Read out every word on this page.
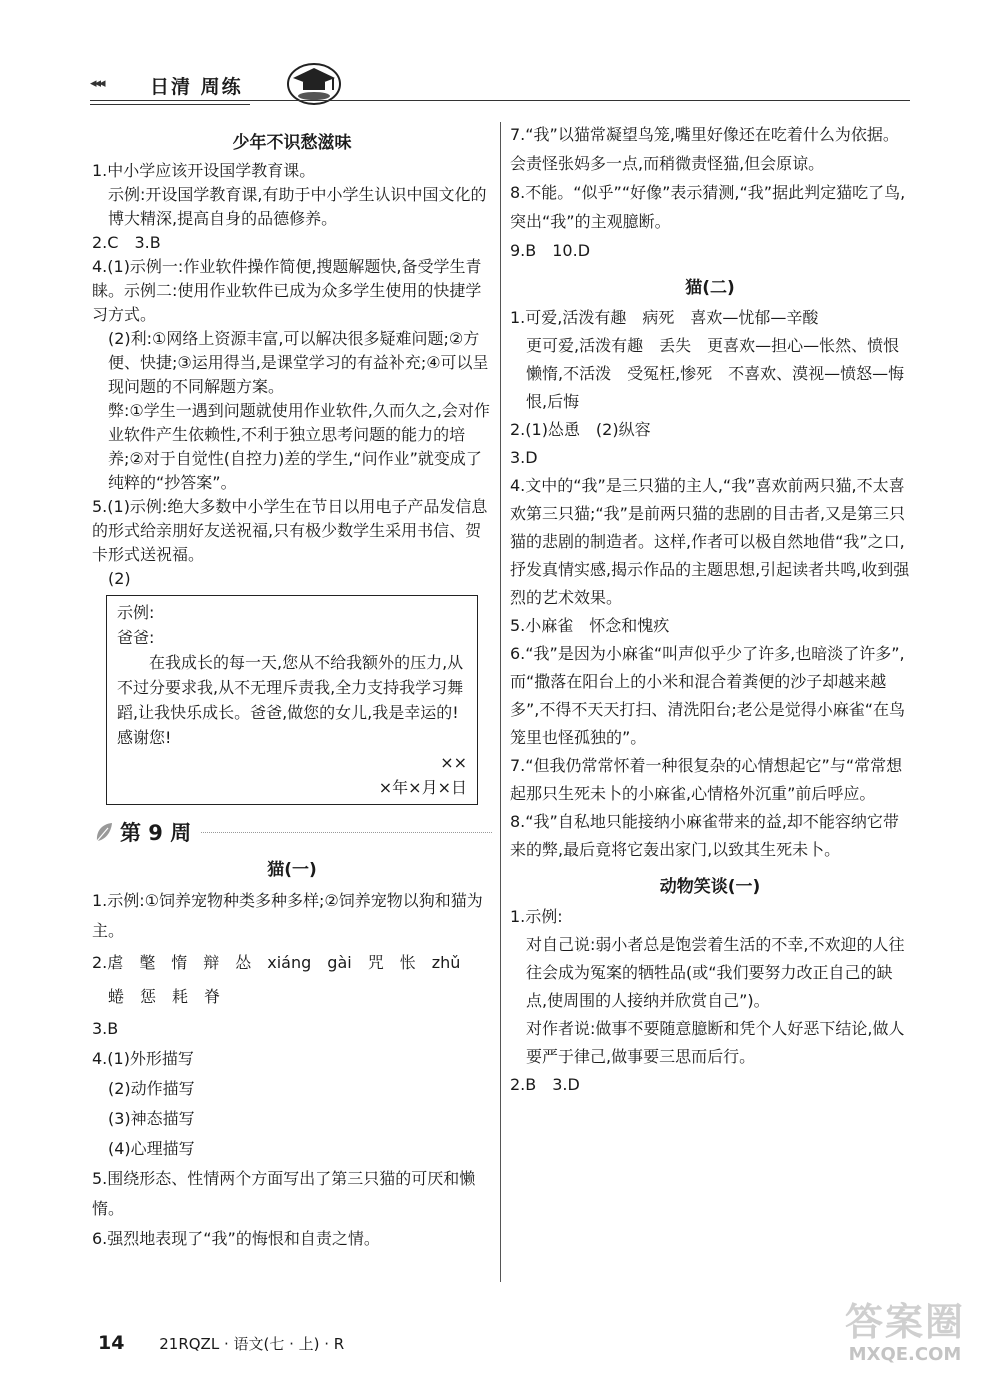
◂◂◂ 日清 周练
少年不识愁滋味

1.中小学应该开设国学教育课。

示例:开设国学教育课,有助于中小学生认识中国文化的博大精深,提高自身的品德修养。

2.C　3.B

4.(1)示例一:作业软件操作简便,搜题解题快,备受学生青睐。示例二:使用作业软件已成为众多学生使用的快捷学习方式。

(2)利:①网络上资源丰富,可以解决很多疑难问题;②方便、快捷;③运用得当,是课堂学习的有益补充;④可以呈现问题的不同解题方案。

弊:①学生一遇到问题就使用作业软件,久而久之,会对作业软件产生依赖性,不利于独立思考问题的能力的培养;②对于自觉性(自控力)差的学生,“问作业”就变成了纯粹的“抄答案”。

5.(1)示例:绝大多数中小学生在节日以用电子产品发信息的形式给亲朋好友送祝福,只有极少数学生采用书信、贺卡形式送祝福。

(2)

示例:
爸爸:
在我成长的每一天,您从不给我额外的压力,从不过分要求我,从不无理斥责我,全力支持我学习舞蹈,让我快乐成长。爸爸,做您的女儿,我是幸运的!感谢您!
××
×年×月×日
第 9 周
猫(一)

1.示例:①饲养宠物种类多种多样;②饲养宠物以狗和猫为主。

2.虐　氅　惰　辩　怂　xiáng　gài　咒　怅　zhǔ

蜷　惩　耗　脊

3.B

4.(1)外形描写

(2)动作描写

(3)神态描写

(4)心理描写

5.围绕形态、性情两个方面写出了第三只猫的可厌和懒惰。

6.强烈地表现了“我”的悔恨和自责之情。

7.“我”以猫常凝望鸟笼,嘴里好像还在吃着什么为依据。会责怪张妈多一点,而稍微责怪猫,但会原谅。

8.不能。“似乎”“好像”表示猜测,“我”据此判定猫吃了鸟,突出“我”的主观臆断。

9.B　10.D

猫(二)

1.可爱,活泼有趣　病死　喜欢—忧郁—辛酸

更可爱,活泼有趣　丢失　更喜欢—担心—怅然、愤恨

懒惰,不活泼　受冤枉,惨死　不喜欢、漠视—愤怒—悔恨,后悔

2.(1)怂恿　(2)纵容

3.D

4.文中的“我”是三只猫的主人,“我”喜欢前两只猫,不太喜欢第三只猫;“我”是前两只猫的悲剧的目击者,又是第三只猫的悲剧的制造者。这样,作者可以极自然地借“我”之口,抒发真情实感,揭示作品的主题思想,引起读者共鸣,收到强烈的艺术效果。

5.小麻雀　怀念和愧疚

6.“我”是因为小麻雀“叫声似乎少了许多,也暗淡了许多”,而“撒落在阳台上的小米和混合着粪便的沙子却越来越多”,不得不天天打扫、清洗阳台;老公是觉得小麻雀“在鸟笼里也怪孤独的”。

7.“但我仍常常怀着一种很复杂的心情想起它”与“常常想起那只生死未卜的小麻雀,心情格外沉重”前后呼应。

8.“我”自私地只能接纳小麻雀带来的益,却不能容纳它带来的弊,最后竟将它轰出家门,以致其生死未卜。

动物笑谈(一)

1.示例:

对自己说:弱小者总是饱尝着生活的不幸,不欢迎的人往往会成为冤案的牺牲品(或“我们要努力改正自己的缺点,使周围的人接纳并欣赏自己”)。

对作者说:做事不要随意臆断和凭个人好恶下结论,做人要严于律己,做事要三思而后行。

2.B　3.D

14 21RQZL · 语文(七 · 上) · R	答案圈
MXQE.COM
